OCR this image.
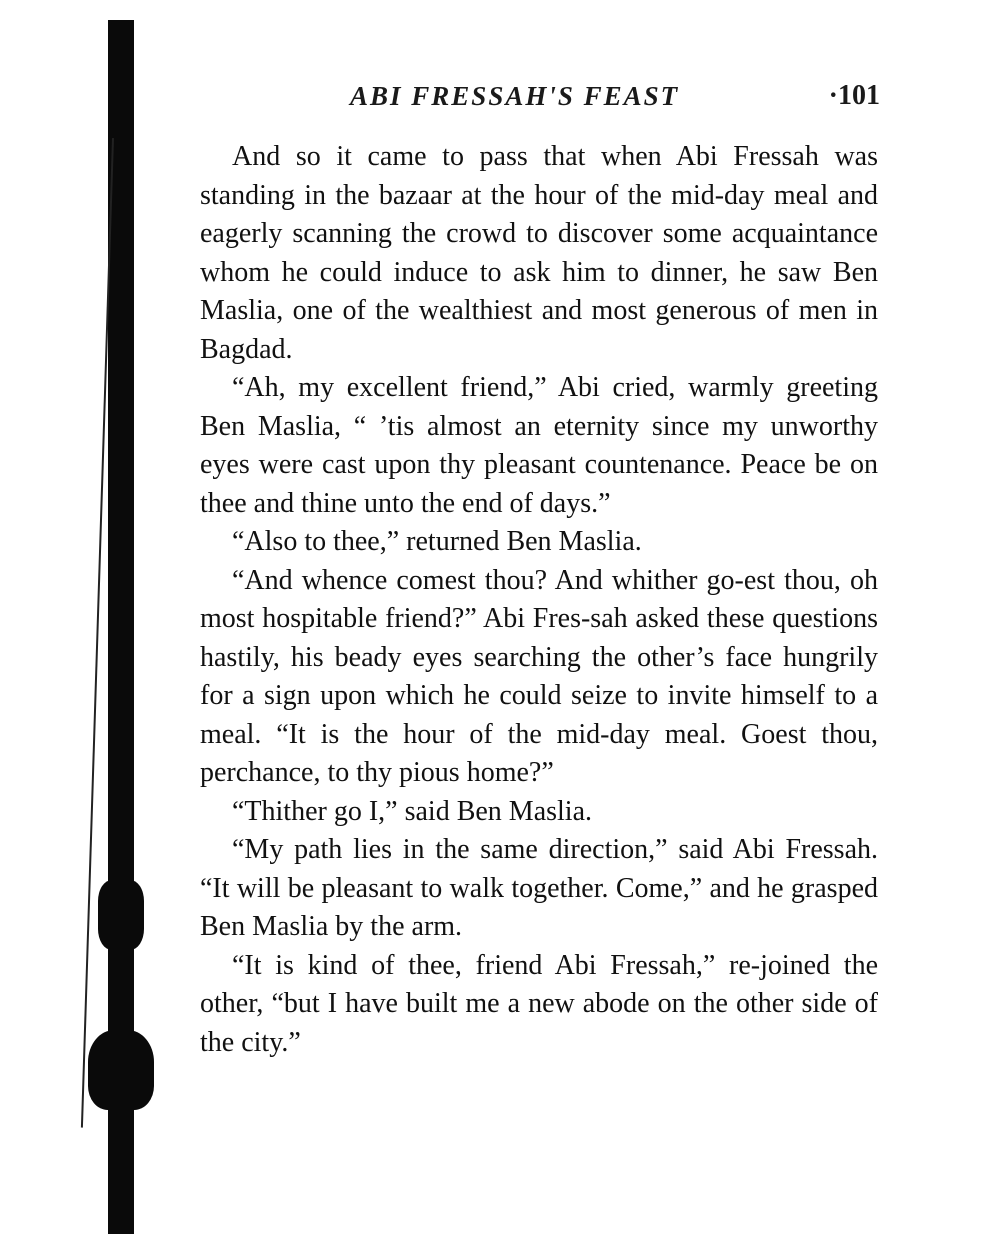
ABI FRESSAH'S FEAST	·101

And so it came to pass that when Abi Fressah was standing in the bazaar at the hour of the mid-day meal and eagerly scanning the crowd to discover some acquaintance whom he could induce to ask him to dinner, he saw Ben Maslia, one of the wealthiest and most generous of men in Bagdad.

“Ah, my excellent friend,” Abi cried, warmly greeting Ben Maslia, “ ’tis almost an eternity since my unworthy eyes were cast upon thy pleasant countenance. Peace be on thee and thine unto the end of days.”

“Also to thee,” returned Ben Maslia.

“And whence comest thou? And whither go-est thou, oh most hospitable friend?” Abi Fres-sah asked these questions hastily, his beady eyes searching the other’s face hungrily for a sign upon which he could seize to invite himself to a meal. “It is the hour of the mid-day meal. Goest thou, perchance, to thy pious home?”

“Thither go I,” said Ben Maslia.

“My path lies in the same direction,” said Abi Fressah. “It will be pleasant to walk together. Come,” and he grasped Ben Maslia by the arm.

“It is kind of thee, friend Abi Fressah,” re-joined the other, “but I have built me a new abode on the other side of the city.”
